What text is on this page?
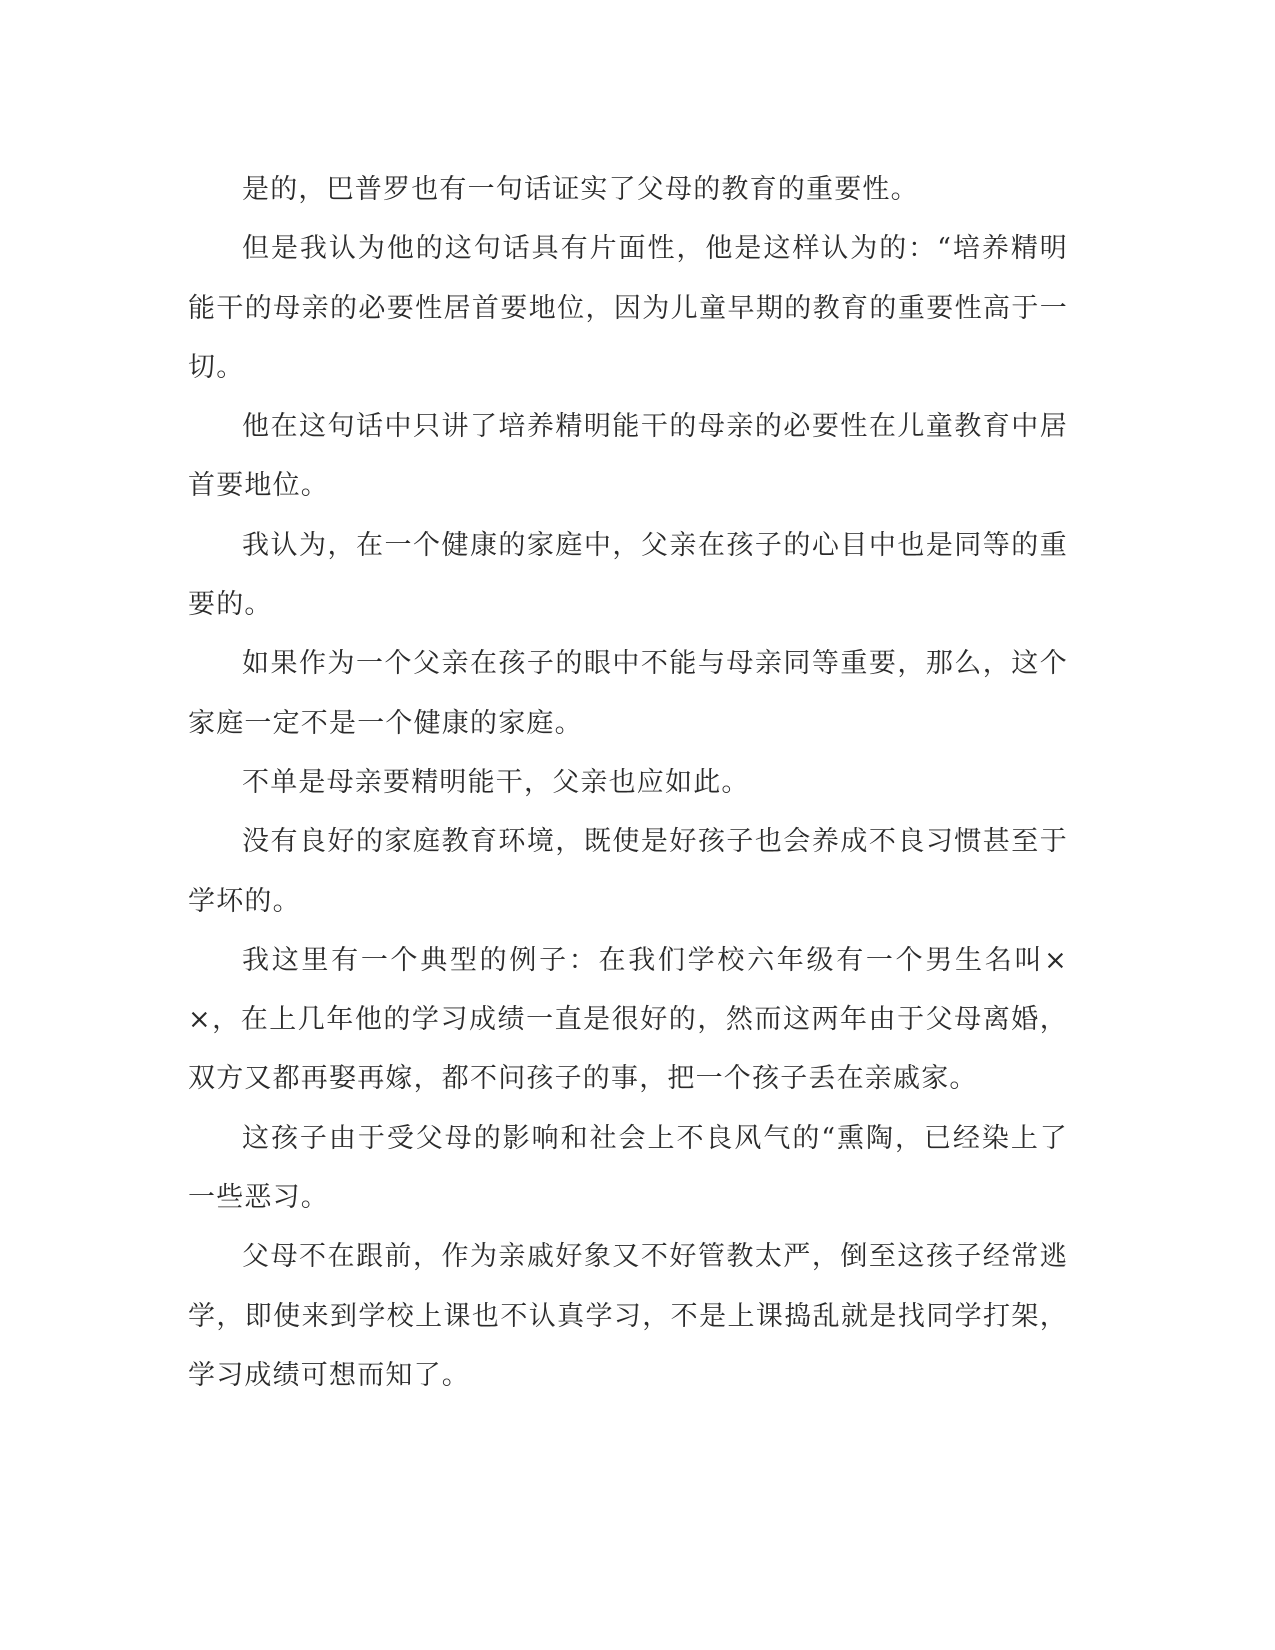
是的，巴普罗也有一句话证实了父母的教育的重要性。

但是我认为他的这句话具有片面性，他是这样认为的：“培养精明能干的母亲的必要性居首要地位，因为儿童早期的教育的重要性高于一切。

他在这句话中只讲了培养精明能干的母亲的必要性在儿童教育中居首要地位。

我认为，在一个健康的家庭中，父亲在孩子的心目中也是同等的重要的。

如果作为一个父亲在孩子的眼中不能与母亲同等重要，那么，这个家庭一定不是一个健康的家庭。

不单是母亲要精明能干，父亲也应如此。

没有良好的家庭教育环境，既使是好孩子也会养成不良习惯甚至于学坏的。

我这里有一个典型的例子：在我们学校六年级有一个男生名叫××，在上几年他的学习成绩一直是很好的，然而这两年由于父母离婚，双方又都再娶再嫁，都不问孩子的事，把一个孩子丢在亲戚家。

这孩子由于受父母的影响和社会上不良风气的“熏陶，已经染上了一些恶习。

父母不在跟前，作为亲戚好象又不好管教太严，倒至这孩子经常逃学，即使来到学校上课也不认真学习，不是上课捣乱就是找同学打架，学习成绩可想而知了。
